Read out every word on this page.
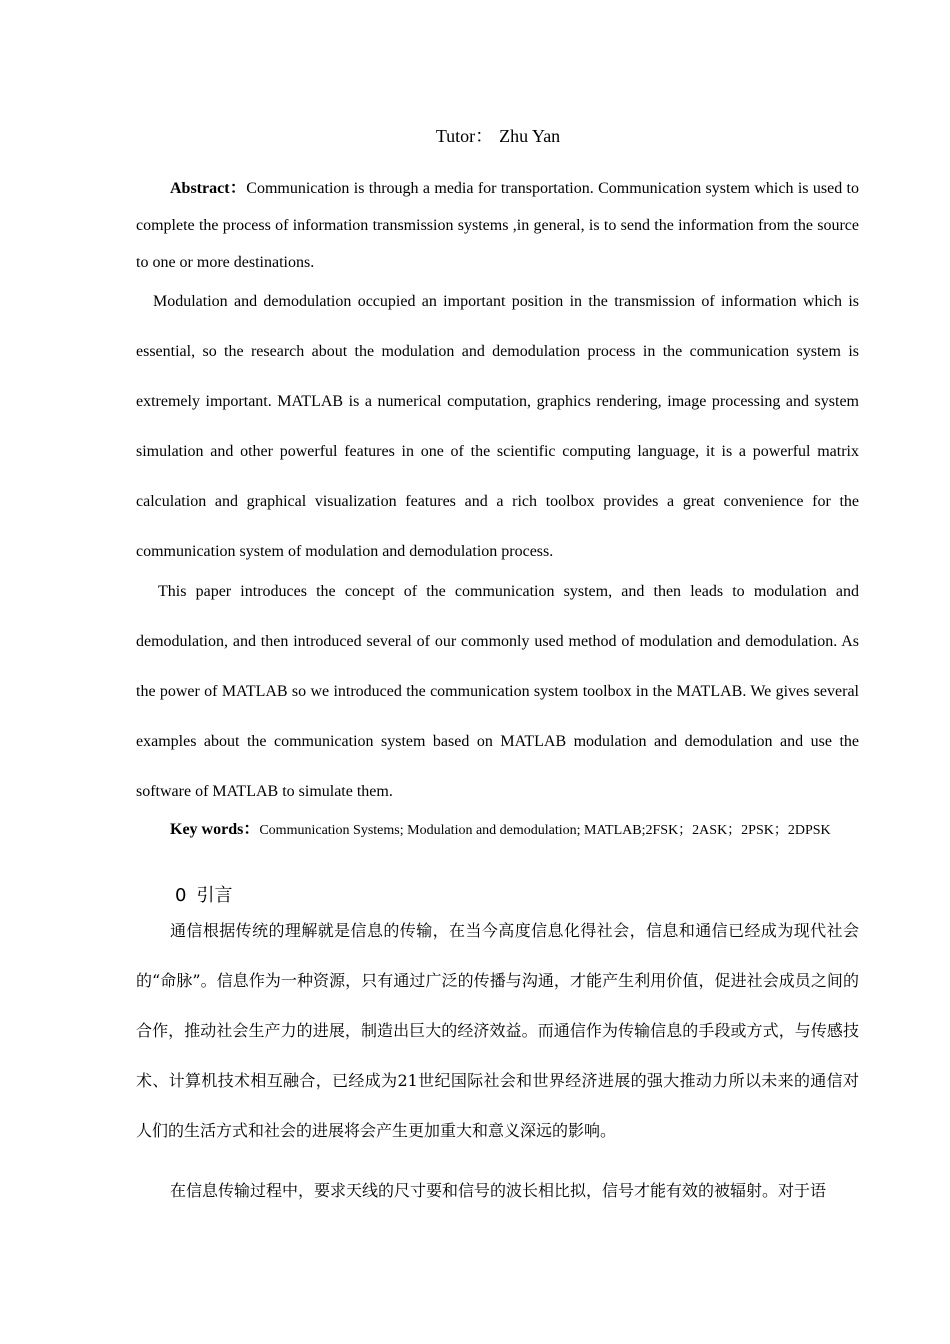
Tutor： Zhu Yan

Abstract：Communication is through a media for transportation. Communication system which is used to complete the process of information transmission systems ,in general, is to send the information from the source to one or more destinations.

Modulation and demodulation occupied an important position in the transmission of information which is essential, so the research about the modulation and demodulation process in the communication system is extremely important. MATLAB is a numerical computation, graphics rendering, image processing and system simulation and other powerful features in one of the scientific computing language, it is a powerful matrix calculation and graphical visualization features and a rich toolbox provides a great convenience for the communication system of modulation and demodulation process.

This paper introduces the concept of the communication system, and then leads to modulation and demodulation, and then introduced several of our commonly used method of modulation and demodulation. As the power of MATLAB so we introduced the communication system toolbox in the MATLAB. We gives several examples about the communication system based on MATLAB modulation and demodulation and use the software of MATLAB to simulate them.

Key words：Communication Systems; Modulation and demodulation; MATLAB;2FSK；2ASK；2PSK；2DPSK
0 引言

通信根据传统的理解就是信息的传输，在当今高度信息化得社会，信息和通信已经成为现代社会的“命脉”。信息作为一种资源，只有通过广泛的传播与沟通，才能产生利用价值，促进社会成员之间的合作，推动社会生产力的进展，制造出巨大的经济效益。而通信作为传输信息的手段或方式，与传感技术、计算机技术相互融合，已经成为21世纪国际社会和世界经济进展的强大推动力所以未来的通信对人们的生活方式和社会的进展将会产生更加重大和意义深远的影响。

在信息传输过程中，要求天线的尺寸要和信号的波长相比拟，信号才能有效的被辐射。对于语
